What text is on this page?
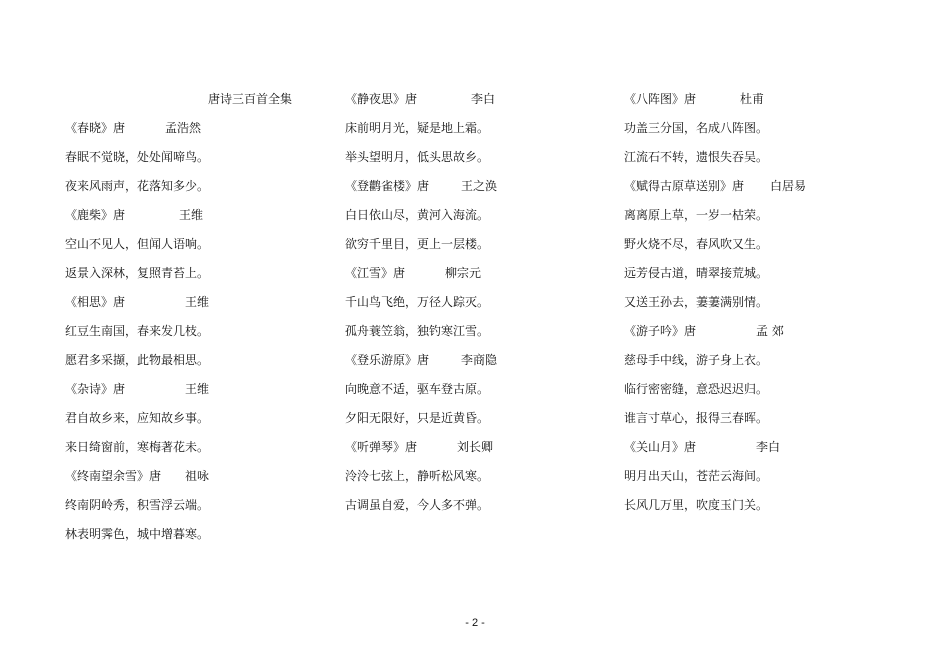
唐诗三百首全集
《春晓》唐	孟浩然
春眠不觉晓，处处闻啼鸟。
夜来风雨声，花落知多少。
《鹿柴》唐	王维
空山不见人，但闻人语响。
返景入深林，复照青苔上。
《相思》唐	王维
红豆生南国，春来发几枝。
愿君多采撷，此物最相思。
《杂诗》唐	王维
君自故乡来，应知故乡事。
来日绮窗前，寒梅著花未。
《终南望余雪》唐 祖咏
终南阴岭秀，积雪浮云端。
林表明霁色，城中增暮寒。
《静夜思》唐	李白
床前明月光，疑是地上霜。
举头望明月，低头思故乡。
《登鹳雀楼》唐	王之涣
白日依山尽，黄河入海流。
欲穷千里目，更上一层楼。
《江雪》唐	柳宗元
千山鸟飞绝，万径人踪灭。
孤舟蓑笠翁，独钓寒江雪。
《登乐游原》唐	李商隐
向晚意不适，驱车登古原。
夕阳无限好，只是近黄昏。
《听弹琴》唐	刘长卿
泠泠七弦上，静听松风寒。
古调虽自爱，今人多不弹。
《八阵图》唐	杜甫
功盖三分国，名成八阵图。
江流石不转，遗恨失吞吴。
《赋得古原草送别》唐 白居易
离离原上草，一岁一枯荣。
野火烧不尽，春风吹又生。
远芳侵古道，晴翠接荒城。
又送王孙去，萋萋满别情。
《游子吟》唐	孟 郊
慈母手中线，游子身上衣。
临行密密缝，意恐迟迟归。
谁言寸草心，报得三春晖。
《关山月》唐	李白
明月出天山，苍茫云海间。
长风几万里，吹度玉门关。
- 2 -
